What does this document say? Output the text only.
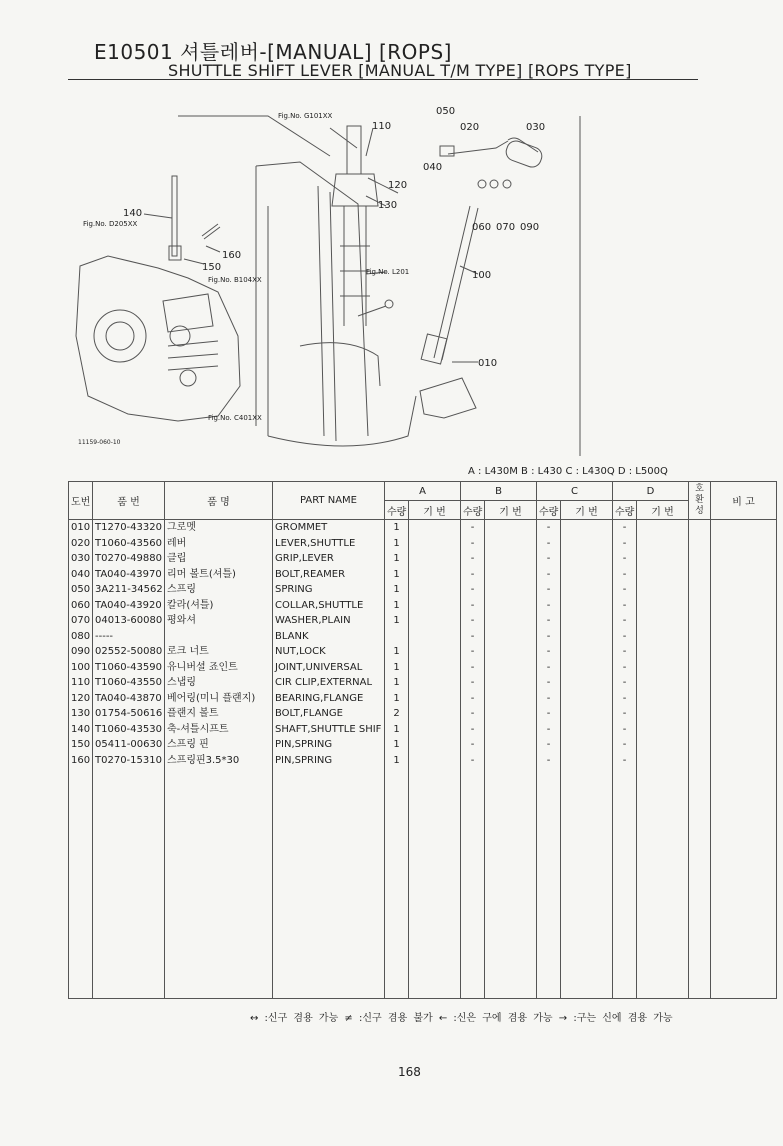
E10501 셔틀레버-[MANUAL] [ROPS]
SHUTTLE SHIFT LEVER [MANUAL T/M TYPE] [ROPS TYPE]
Fig.No. G101XX
Fig.No. D205XX
Fig.No. B104XX
Fig.No. C401XX
Fig.No. L201
110
050
020	030
040
120
130
060 070 090
140
160
150
100
010
11159-060-10
A : L430M B : L430 C : L430Q D : L500Q
도번	품 번	품 명	PART NAME	A		B		C		D		호환성	비 고
				수량	기 번	수량	기 번	수량	기 번	수량	기 번		
010	T1270-43320	그로멧	GROMMET	1		-		-		-			
020	T1060-43560	레버	LEVER,SHUTTLE	1		-		-		-			
030	T0270-49880	클립	GRIP,LEVER	1		-		-		-			
040	TA040-43970	리머 볼트(셔틀)	BOLT,REAMER	1		-		-		-			
050	3A211-34562	스프링	SPRING	1		-		-		-			
060	TA040-43920	칼라(셔틀)	COLLAR,SHUTTLE	1		-		-		-			
070	04013-60080	평와셔	WASHER,PLAIN	1		-		-		-			
080	-----		BLANK			-		-		-			
090	02552-50080	로크 너트	NUT,LOCK	1		-		-		-			
100	T1060-43590	유니버셜 죠인트	JOINT,UNIVERSAL	1		-		-		-			
110	T1060-43550	스냅링	CIR CLIP,EXTERNAL	1		-		-		-			
120	TA040-43870	베어링(미니 플랜지)	BEARING,FLANGE	1		-		-		-			
130	01754-50616	플랜지 볼트	BOLT,FLANGE	2		-		-		-			
140	T1060-43530	축-셔틀시프트	SHAFT,SHUTTLE SHIF	1		-		-		-			
150	05411-00630	스프링 핀	PIN,SPRING	1		-		-		-			
160	T0270-15310	스프링핀3.5*30	PIN,SPRING	1		-		-		-			

↔ :신구 겸용 가능 ≠ :신구 겸용 불가 ← :신은 구에 겸용 가능 → :구는 신에 겸용 가능
168
